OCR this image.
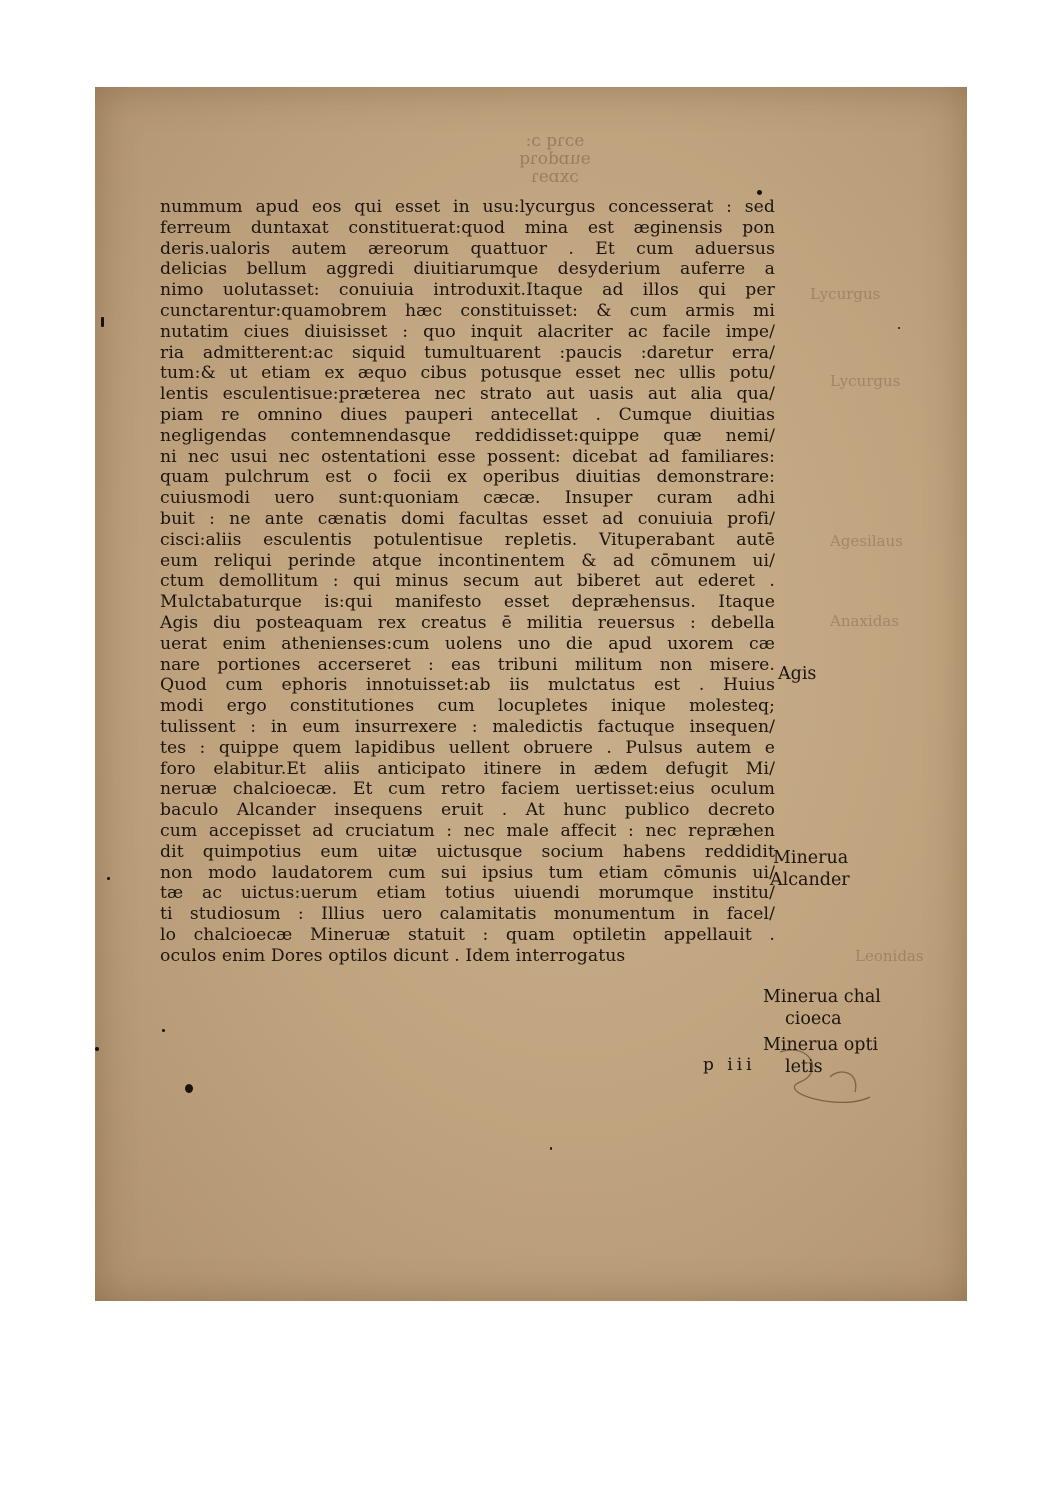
ɘɔɿq ɔ:
ɘuɒdoɿq
ɔxɒɘɿ
Lycurgus
Lycurgus
Agesilaus
Anaxidas
Leonidas
nummum apud eos qui esset in usu:lycurgus concesserat : sed
ferreum duntaxat constituerat:quod mina est æginensis pon
deris.ualoris autem æreorum quattuor . Et cum aduersus
delicias bellum aggredi diuitiarumque desyderium auferre a
nimo uolutasset: conuiuia introduxit.Itaque ad illos qui per
cunctarentur:quamobrem hæc constituisset: & cum armis mi
nutatim ciues diuisisset : quo inquit alacriter ac facile impe/
ria admitterent:ac siquid tumultuarent :paucis :daretur erra/
tum:& ut etiam ex æquo cibus potusque esset nec ullis potu/
lentis esculentisue:præterea nec strato aut uasis aut alia qua/
piam re omnino diues pauperi antecellat . Cumque diuitias
negligendas contemnendasque reddidisset:quippe quæ nemi/
ni nec usui nec ostentationi esse possent: dicebat ad familiares:
quam pulchrum est o focii ex operibus diuitias demonstrare:
cuiusmodi uero sunt:quoniam cæcæ. Insuper curam adhi
buit : ne ante cænatis domi facultas esset ad conuiuia profi/
cisci:aliis esculentis potulentisue repletis. Vituperabant autē
eum reliqui perinde atque incontinentem & ad cōmunem ui/
ctum demollitum : qui minus secum aut biberet aut ederet .
Mulctabaturque is:qui manifesto esset depræhensus. Itaque
Agis diu posteaquam rex creatus ē militia reuersus : debella
uerat enim athenienses:cum uolens uno die apud uxorem cæ
nare portiones accerseret : eas tribuni militum non misere.
Quod cum ephoris innotuisset:ab iis mulctatus est . Huius
modi ergo constitutiones cum locupletes inique molesteq;
tulissent : in eum insurrexere : maledictis factuque insequen/
tes : quippe quem lapidibus uellent obruere . Pulsus autem e
foro elabitur.Et aliis anticipato itinere in ædem defugit Mi/
neruæ chalcioecæ. Et cum retro faciem uertisset:eius oculum
baculo Alcander insequens eruit . At hunc publico decreto
cum accepisset ad cruciatum : nec male affecit : nec repræhen
dit quimpotius eum uitæ uictusque socium habens reddidit
non modo laudatorem cum sui ipsius tum etiam cōmunis ui/
tæ ac uictus:uerum etiam totius uiuendi morumque institu/
ti studiosum : Illius uero calamitatis monumentum in facel/
lo chalcioecæ Mineruæ statuit : quam optiletin appellauit .
oculos enim Dores optilos dicunt . Idem interrogatus
Agis
Minerua
Alcander
Minerua chal
cioeca
Minerua opti
letis
p iii
